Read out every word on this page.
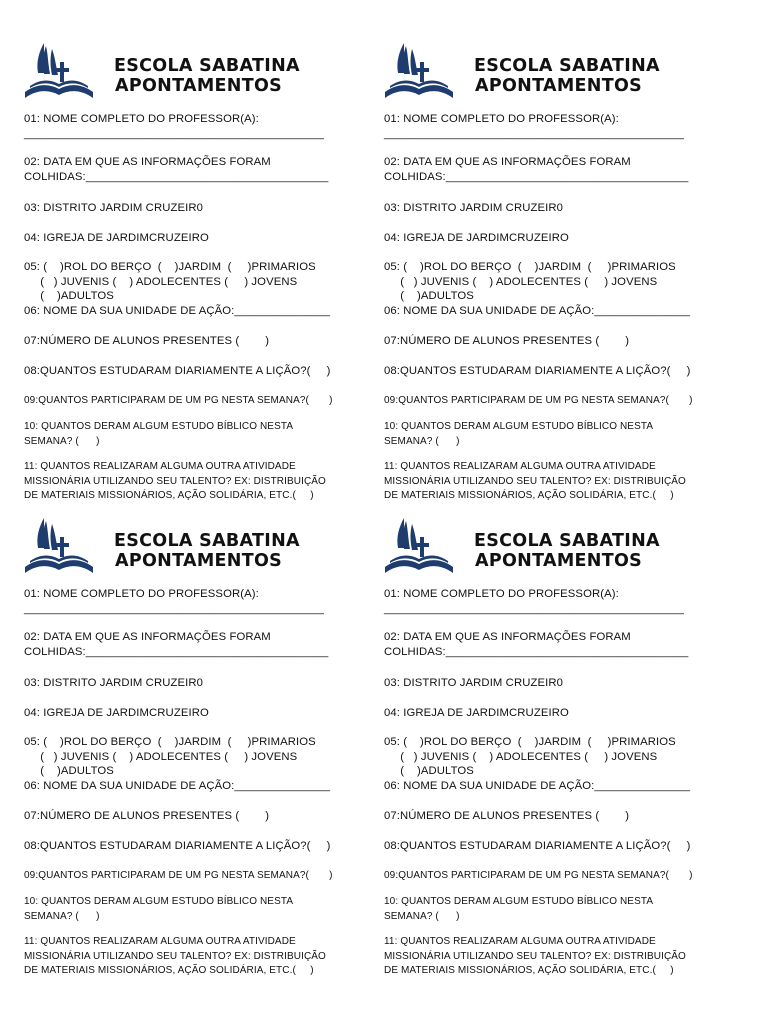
ESCOLA SABATINA
APONTAMENTOS
01: NOME COMPLETO DO PROFESSOR(A):
_______________________________________________
02: DATA EM QUE AS INFORMAÇÕES FORAM
COLHIDAS:______________________________________
03: DISTRITO JARDIM CRUZEIR0
04: IGREJA DE JARDIMCRUZEIRO
05: (    )ROL DO BERÇO  (    )JARDIM  (     )PRIMARIOS
(   ) JUVENIS (    ) ADOLECENTES (     ) JOVENS
(    )ADULTOS
06: NOME DA SUA UNIDADE DE AÇÃO:_______________
07:NÚMERO DE ALUNOS PRESENTES (        )
08:QUANTOS ESTUDARAM DIARIAMENTE A LIÇÃO?(     )
09:QUANTOS PARTICIPARAM DE UM PG NESTA SEMANA?(       )
10: QUANTOS DERAM ALGUM ESTUDO BÍBLICO NESTA
SEMANA? (      )
11: QUANTOS REALIZARAM ALGUMA OUTRA ATIVIDADE
MISSIONÁRIA UTILIZANDO SEU TALENTO? EX: DISTRIBUIÇÃO
DE MATERIAIS MISSIONÁRIOS, AÇÃO SOLIDÁRIA, ETC.(     )
ESCOLA SABATINA
APONTAMENTOS
01: NOME COMPLETO DO PROFESSOR(A):
_______________________________________________
02: DATA EM QUE AS INFORMAÇÕES FORAM
COLHIDAS:______________________________________
03: DISTRITO JARDIM CRUZEIR0
04: IGREJA DE JARDIMCRUZEIRO
05: (    )ROL DO BERÇO  (    )JARDIM  (     )PRIMARIOS
(   ) JUVENIS (    ) ADOLECENTES (     ) JOVENS
(    )ADULTOS
06: NOME DA SUA UNIDADE DE AÇÃO:_______________
07:NÚMERO DE ALUNOS PRESENTES (        )
08:QUANTOS ESTUDARAM DIARIAMENTE A LIÇÃO?(     )
09:QUANTOS PARTICIPARAM DE UM PG NESTA SEMANA?(       )
10: QUANTOS DERAM ALGUM ESTUDO BÍBLICO NESTA
SEMANA? (      )
11: QUANTOS REALIZARAM ALGUMA OUTRA ATIVIDADE
MISSIONÁRIA UTILIZANDO SEU TALENTO? EX: DISTRIBUIÇÃO
DE MATERIAIS MISSIONÁRIOS, AÇÃO SOLIDÁRIA, ETC.(     )
ESCOLA SABATINA
APONTAMENTOS
01: NOME COMPLETO DO PROFESSOR(A):
_______________________________________________
02: DATA EM QUE AS INFORMAÇÕES FORAM
COLHIDAS:______________________________________
03: DISTRITO JARDIM CRUZEIR0
04: IGREJA DE JARDIMCRUZEIRO
05: (    )ROL DO BERÇO  (    )JARDIM  (     )PRIMARIOS
(   ) JUVENIS (    ) ADOLECENTES (     ) JOVENS
(    )ADULTOS
06: NOME DA SUA UNIDADE DE AÇÃO:_______________
07:NÚMERO DE ALUNOS PRESENTES (        )
08:QUANTOS ESTUDARAM DIARIAMENTE A LIÇÃO?(     )
09:QUANTOS PARTICIPARAM DE UM PG NESTA SEMANA?(       )
10: QUANTOS DERAM ALGUM ESTUDO BÍBLICO NESTA
SEMANA? (      )
11: QUANTOS REALIZARAM ALGUMA OUTRA ATIVIDADE
MISSIONÁRIA UTILIZANDO SEU TALENTO? EX: DISTRIBUIÇÃO
DE MATERIAIS MISSIONÁRIOS, AÇÃO SOLIDÁRIA, ETC.(     )
ESCOLA SABATINA
APONTAMENTOS
01: NOME COMPLETO DO PROFESSOR(A):
_______________________________________________
02: DATA EM QUE AS INFORMAÇÕES FORAM
COLHIDAS:______________________________________
03: DISTRITO JARDIM CRUZEIR0
04: IGREJA DE JARDIMCRUZEIRO
05: (    )ROL DO BERÇO  (    )JARDIM  (     )PRIMARIOS
(   ) JUVENIS (    ) ADOLECENTES (     ) JOVENS
(    )ADULTOS
06: NOME DA SUA UNIDADE DE AÇÃO:_______________
07:NÚMERO DE ALUNOS PRESENTES (        )
08:QUANTOS ESTUDARAM DIARIAMENTE A LIÇÃO?(     )
09:QUANTOS PARTICIPARAM DE UM PG NESTA SEMANA?(       )
10: QUANTOS DERAM ALGUM ESTUDO BÍBLICO NESTA
SEMANA? (      )
11: QUANTOS REALIZARAM ALGUMA OUTRA ATIVIDADE
MISSIONÁRIA UTILIZANDO SEU TALENTO? EX: DISTRIBUIÇÃO
DE MATERIAIS MISSIONÁRIOS, AÇÃO SOLIDÁRIA, ETC.(     )
